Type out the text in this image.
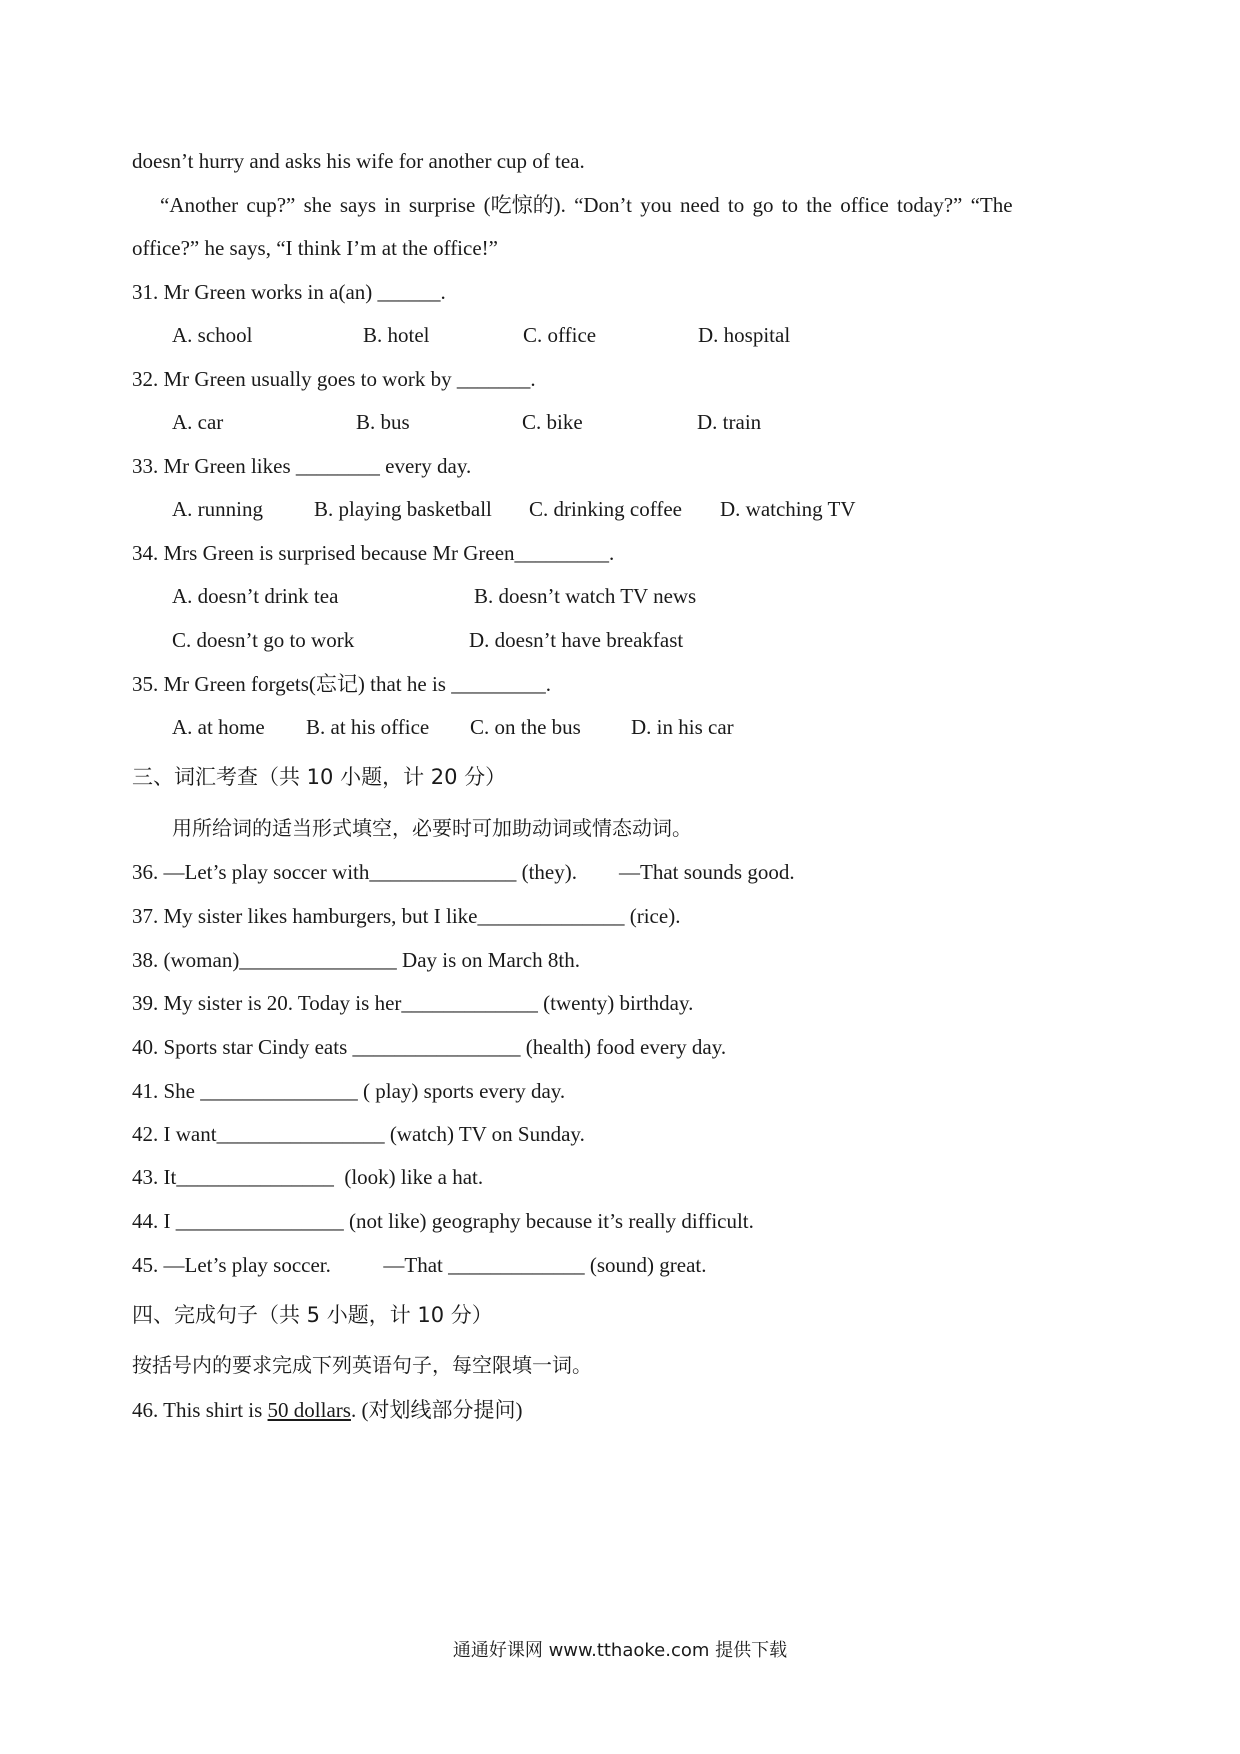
doesn’t hurry and asks his wife for another cup of tea.
“Another cup?” she says in surprise (吃惊的). “Don’t you need to go to the office today?” “The
office?” he says, “I think I’m at the office!”
31. Mr Green works in a(an) ______.
A. school	B. hotel	C. office	D. hospital
32. Mr Green usually goes to work by _______.
A. car	B. bus	C. bike	D. train
33. Mr Green likes ________ every day.
A. running B. playing basketball C. drinking coffee D. watching TV
34. Mrs Green is surprised because Mr Green_________.
A. doesn’t drink tea	B. doesn’t watch TV news
C. doesn’t go to work	D. doesn’t have breakfast
35. Mr Green forgets(忘记) that he is _________.
A. at home B. at his office C. on the bus D. in his car
三、词汇考查（共 10 小题，计 20 分）
用所给词的适当形式填空，必要时可加助动词或情态动词。
36. —Let’s play soccer with______________ (they).        —That sounds good.
37. My sister likes hamburgers, but I like______________ (rice).
38. (woman)_______________ Day is on March 8th.
39. My sister is 20. Today is her_____________ (twenty) birthday.
40. Sports star Cindy eats ________________ (health) food every day.
41. She _______________ ( play) sports every day.
42. I want________________ (watch) TV on Sunday.
43. It_______________  (look) like a hat.
44. I ________________ (not like) geography because it’s really difficult.
45. —Let’s play soccer.          —That _____________ (sound) great.
四、完成句子（共 5 小题，计 10 分）
按括号内的要求完成下列英语句子，每空限填一词。
46. This shirt is 50 dollars. (对划线部分提问)
通通好课网 www.tthaoke.com 提供下载
